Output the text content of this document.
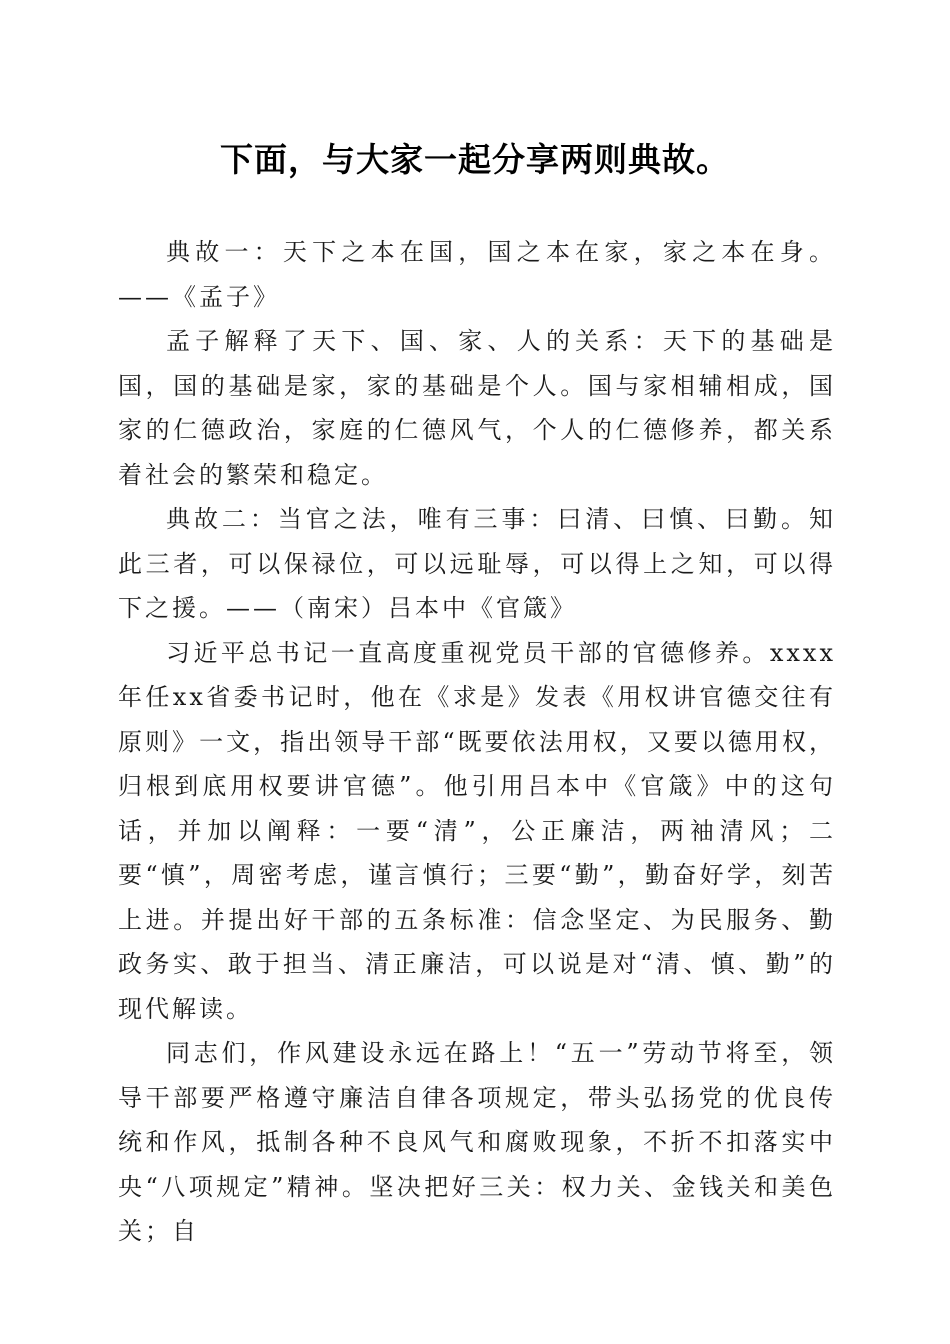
下面，与大家一起分享两则典故。

典故一：天下之本在国，国之本在家，家之本在身。——《孟子》

孟子解释了天下、国、家、人的关系：天下的基础是国，国的基础是家，家的基础是个人。国与家相辅相成，国家的仁德政治，家庭的仁德风气，个人的仁德修养，都关系着社会的繁荣和稳定。

典故二：当官之法，唯有三事：曰清、曰慎、曰勤。知此三者，可以保禄位，可以远耻辱，可以得上之知，可以得下之援。——（南宋）吕本中《官箴》

习近平总书记一直高度重视党员干部的官德修养。xxxx年任xx省委书记时，他在《求是》发表《用权讲官德交往有原则》一文，指出领导干部“既要依法用权，又要以德用权，归根到底用权要讲官德”。他引用吕本中《官箴》中的这句话，并加以阐释：一要“清”，公正廉洁，两袖清风；二要“慎”，周密考虑，谨言慎行；三要“勤”，勤奋好学，刻苦上进。并提出好干部的五条标准：信念坚定、为民服务、勤政务实、敢于担当、清正廉洁，可以说是对“清、慎、勤”的现代解读。

同志们，作风建设永远在路上！“五一”劳动节将至，领导干部要严格遵守廉洁自律各项规定，带头弘扬党的优良传统和作风，抵制各种不良风气和腐败现象，不折不扣落实中央“八项规定”精神。坚决把好三关：权力关、金钱关和美色关；自
